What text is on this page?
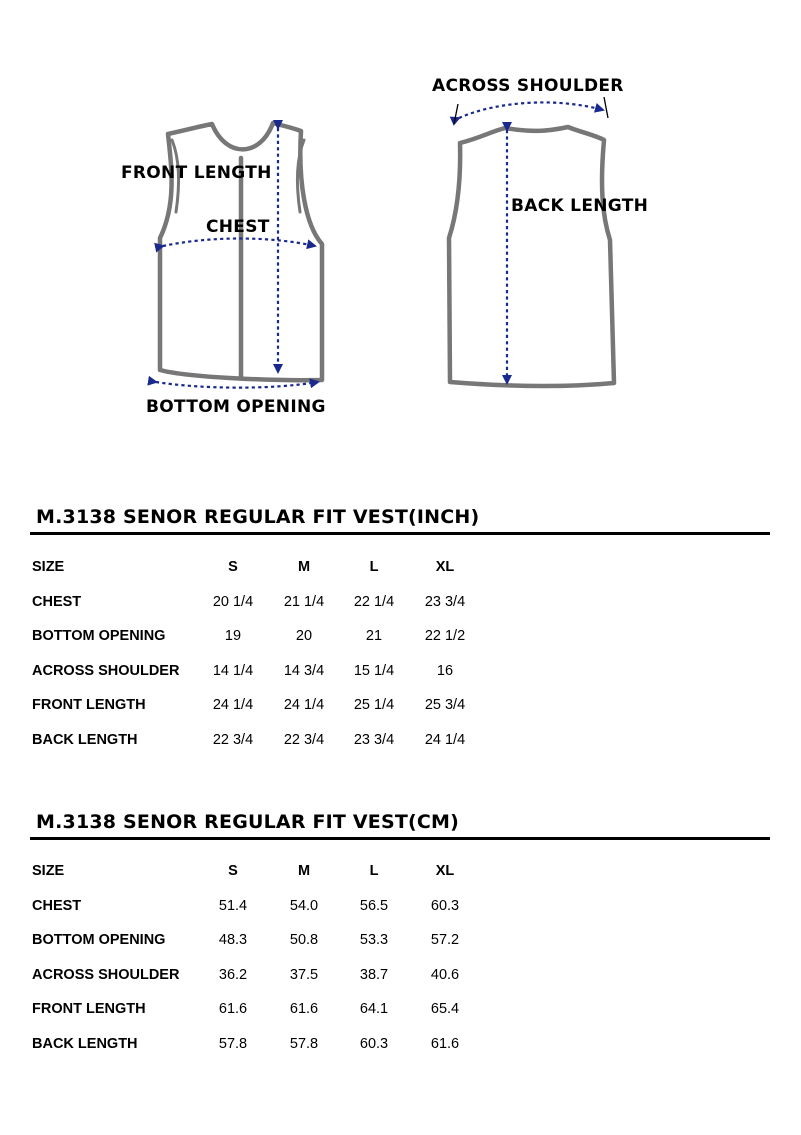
ACROSS SHOULDER
FRONT LENGTH
BACK LENGTH
CHEST
BOTTOM OPENING
M.3138 SENOR REGULAR FIT VEST(INCH)
SIZE	S	M	L	XL
CHEST	20 1/4	21 1/4	22 1/4	23 3/4
BOTTOM OPENING	19	20	21	22 1/2
ACROSS SHOULDER	14 1/4	14 3/4	15 1/4	16
FRONT LENGTH	24 1/4	24 1/4	25 1/4	25 3/4
BACK LENGTH	22 3/4	22 3/4	23 3/4	24 1/4
M.3138 SENOR REGULAR FIT VEST(CM)
SIZE	S	M	L	XL
CHEST	51.4	54.0	56.5	60.3
BOTTOM OPENING	48.3	50.8	53.3	57.2
ACROSS SHOULDER	36.2	37.5	38.7	40.6
FRONT LENGTH	61.6	61.6	64.1	65.4
BACK LENGTH	57.8	57.8	60.3	61.6
